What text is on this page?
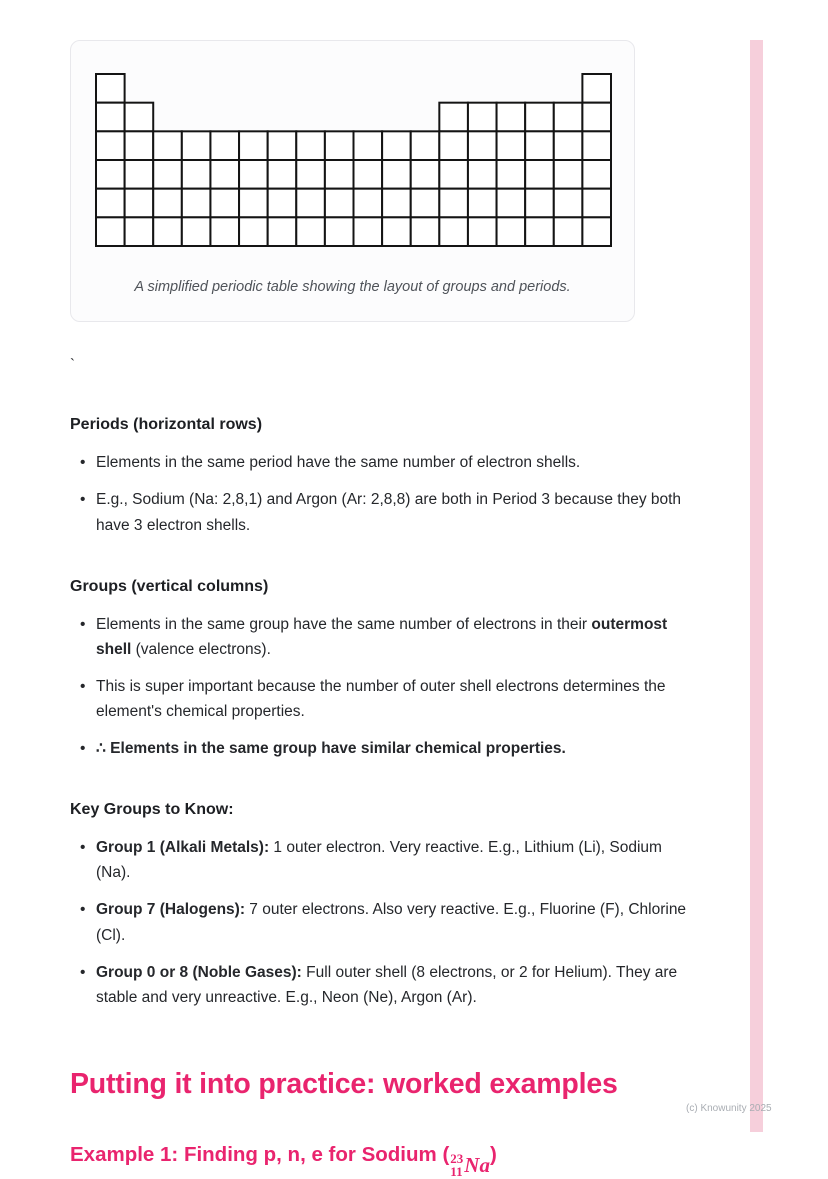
A simplified periodic table showing the layout of groups and periods.
`
Periods (horizontal rows)
• Elements in the same period have the same number of electron shells.
• E.g., Sodium (Na: 2,8,1) and Argon (Ar: 2,8,8) are both in Period 3 because they both have 3 electron shells.
Groups (vertical columns)
• Elements in the same group have the same number of electrons in their outermost shell (valence electrons).
• This is super important because the number of outer shell electrons determines the element's chemical properties.
• ∴ Elements in the same group have similar chemical properties.
Key Groups to Know:
• Group 1 (Alkali Metals): 1 outer electron. Very reactive. E.g., Lithium (Li), Sodium (Na).
• Group 7 (Halogens): 7 outer electrons. Also very reactive. E.g., Fluorine (F), Chlorine (Cl).
• Group 0 or 8 (Noble Gases): Full outer shell (8 electrons, or 2 for Helium). They are stable and very unreactive. E.g., Neon (Ne), Argon (Ar).
Putting it into practice: worked examples
Example 1: Finding p, n, e for Sodium ( 23
11 Na )
(c) Knowunity 2025
